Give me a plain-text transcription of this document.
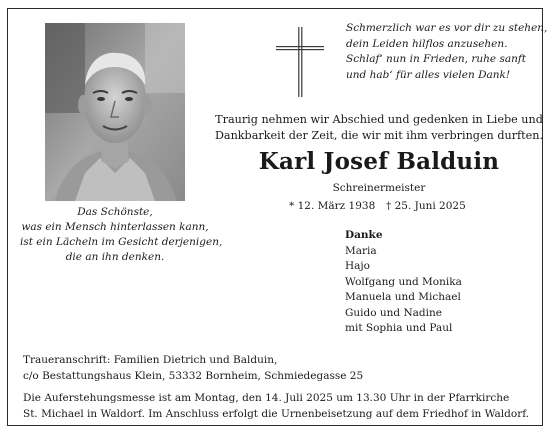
Das Schönste,
was ein Mensch hinterlassen kann,
ist ein Lächeln im Gesicht derjenigen,
die an ihn denken.
Schmerzlich war es vor dir zu stehen,
dein Leiden hilflos anzusehen.
Schlaf‘ nun in Frieden, ruhe sanft
und hab‘ für alles vielen Dank!
Traurig nehmen wir Abschied und gedenken in Liebe und
Dankbarkeit der Zeit, die wir mit ihm verbringen durften.
Karl Josef Balduin
Schreinermeister
* 12. März 1938 † 25. Juni 2025
Danke
Maria
Hajo
Wolfgang und Monika
Manuela und Michael
Guido und Nadine
mit Sophia und Paul
Traueranschrift: Familien Dietrich und Balduin,
c/o Bestattungshaus Klein, 53332 Bornheim, Schmiedegasse 25
Die Auferstehungsmesse ist am Montag, den 14. Juli 2025 um 13.30 Uhr in der Pfarrkirche
St. Michael in Waldorf. Im Anschluss erfolgt die Urnenbeisetzung auf dem Friedhof in Waldorf.
